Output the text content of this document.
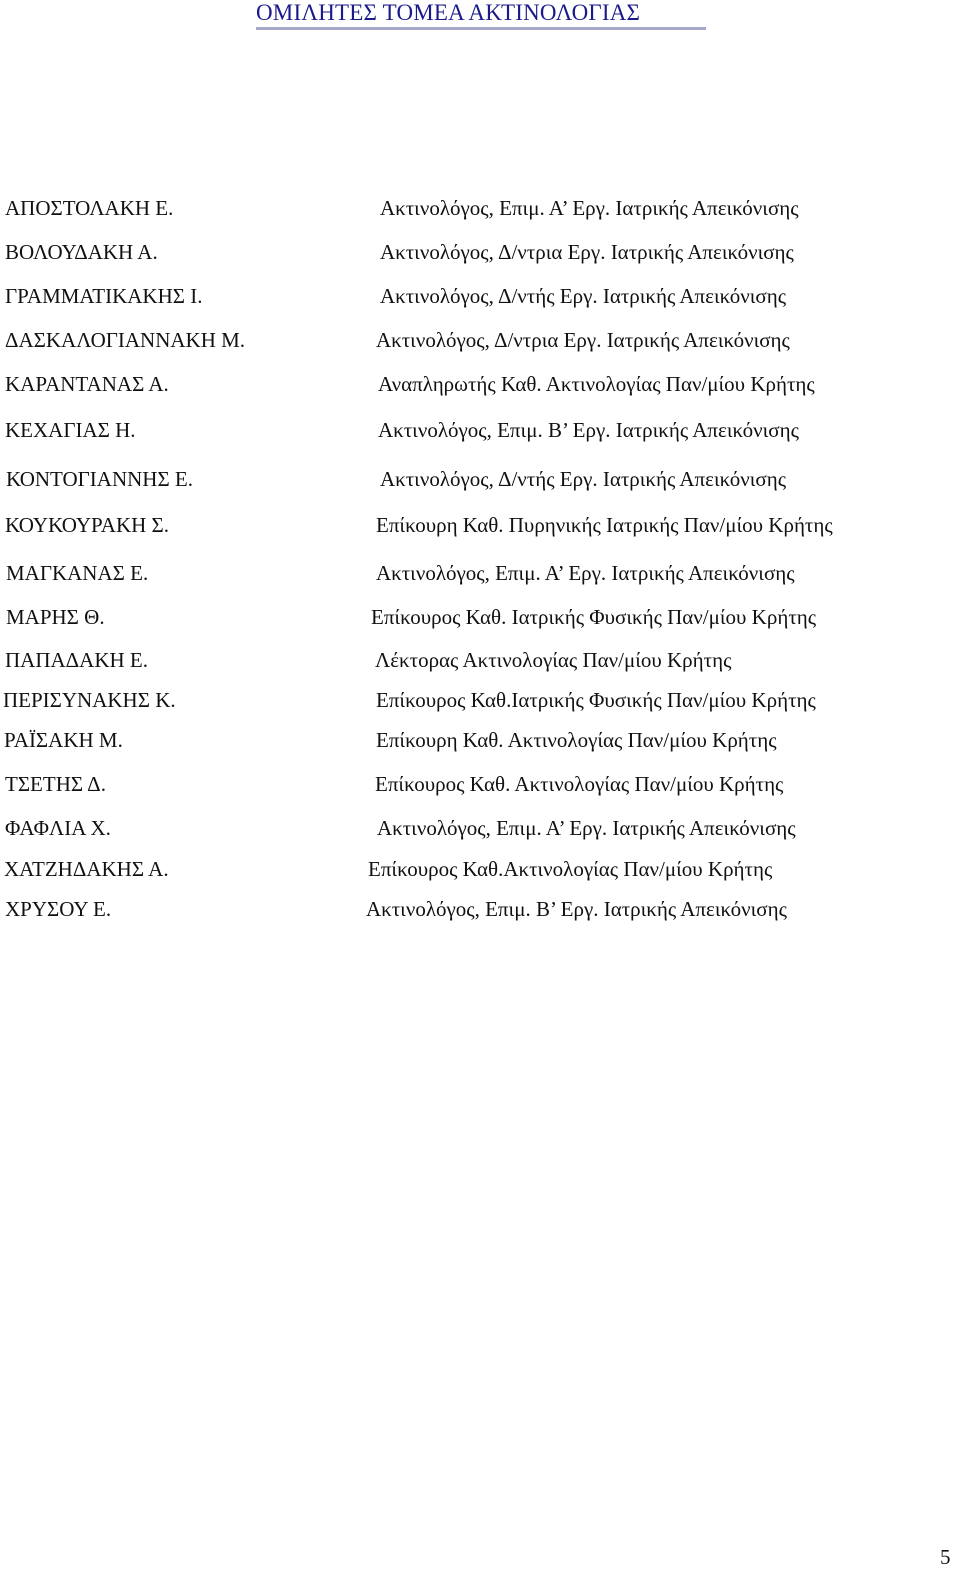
ΟΜΙΛΗΤΕΣ ΤΟΜΕΑ ΑΚΤΙΝΟΛΟΓΙΑΣ
ΑΠΟΣΤΟΛΑΚΗ Ε.	Ακτινολόγος, Επιμ. Α’ Εργ. Ιατρικής Απεικόνισης
ΒΟΛΟΥΔΑΚΗ Α.	Ακτινολόγος, Δ/ντρια Εργ. Ιατρικής Απεικόνισης
ΓΡΑΜΜΑΤΙΚΑΚΗΣ Ι.	Ακτινολόγος, Δ/ντής Εργ. Ιατρικής Απεικόνισης
ΔΑΣΚΑΛΟΓΙΑΝΝΑΚΗ Μ.	Ακτινολόγος, Δ/ντρια Εργ. Ιατρικής Απεικόνισης
ΚΑΡΑΝΤΑΝΑΣ Α.	Αναπληρωτής Καθ. Ακτινολογίας Παν/μίου Κρήτης
ΚΕΧΑΓΙΑΣ Η.	Ακτινολόγος, Επιμ. Β’ Εργ. Ιατρικής Απεικόνισης
ΚΟΝΤΟΓΙΑΝΝΗΣ Ε.	Ακτινολόγος, Δ/ντής Εργ. Ιατρικής Απεικόνισης
ΚΟΥΚΟΥΡΑΚΗ Σ.	Επίκουρη Καθ. Πυρηνικής Ιατρικής Παν/μίου Κρήτης
ΜΑΓΚΑΝΑΣ Ε.	Ακτινολόγος, Επιμ. Α’ Εργ. Ιατρικής Απεικόνισης
ΜΑΡΗΣ Θ.	Επίκουρος Καθ. Ιατρικής Φυσικής Παν/μίου Κρήτης
ΠΑΠΑΔΑΚΗ Ε.	Λέκτορας Ακτινολογίας Παν/μίου Κρήτης
ΠΕΡΙΣΥΝΑΚΗΣ Κ.	Επίκουρος Καθ.Ιατρικής Φυσικής Παν/μίου Κρήτης
ΡΑΪΣΑΚΗ Μ.	Επίκουρη Καθ. Ακτινολογίας Παν/μίου Κρήτης
ΤΣΕΤΗΣ Δ.	Επίκουρος Καθ. Ακτινολογίας Παν/μίου Κρήτης
ΦΑΦΛΙΑ Χ.	Ακτινολόγος, Επιμ. Α’ Εργ. Ιατρικής Απεικόνισης
ΧΑΤΖΗΔΑΚΗΣ Α.	Επίκουρος Καθ.Ακτινολογίας Παν/μίου Κρήτης
ΧΡΥΣΟΥ Ε.	Ακτινολόγος, Επιμ. Β’ Εργ. Ιατρικής Απεικόνισης
5
